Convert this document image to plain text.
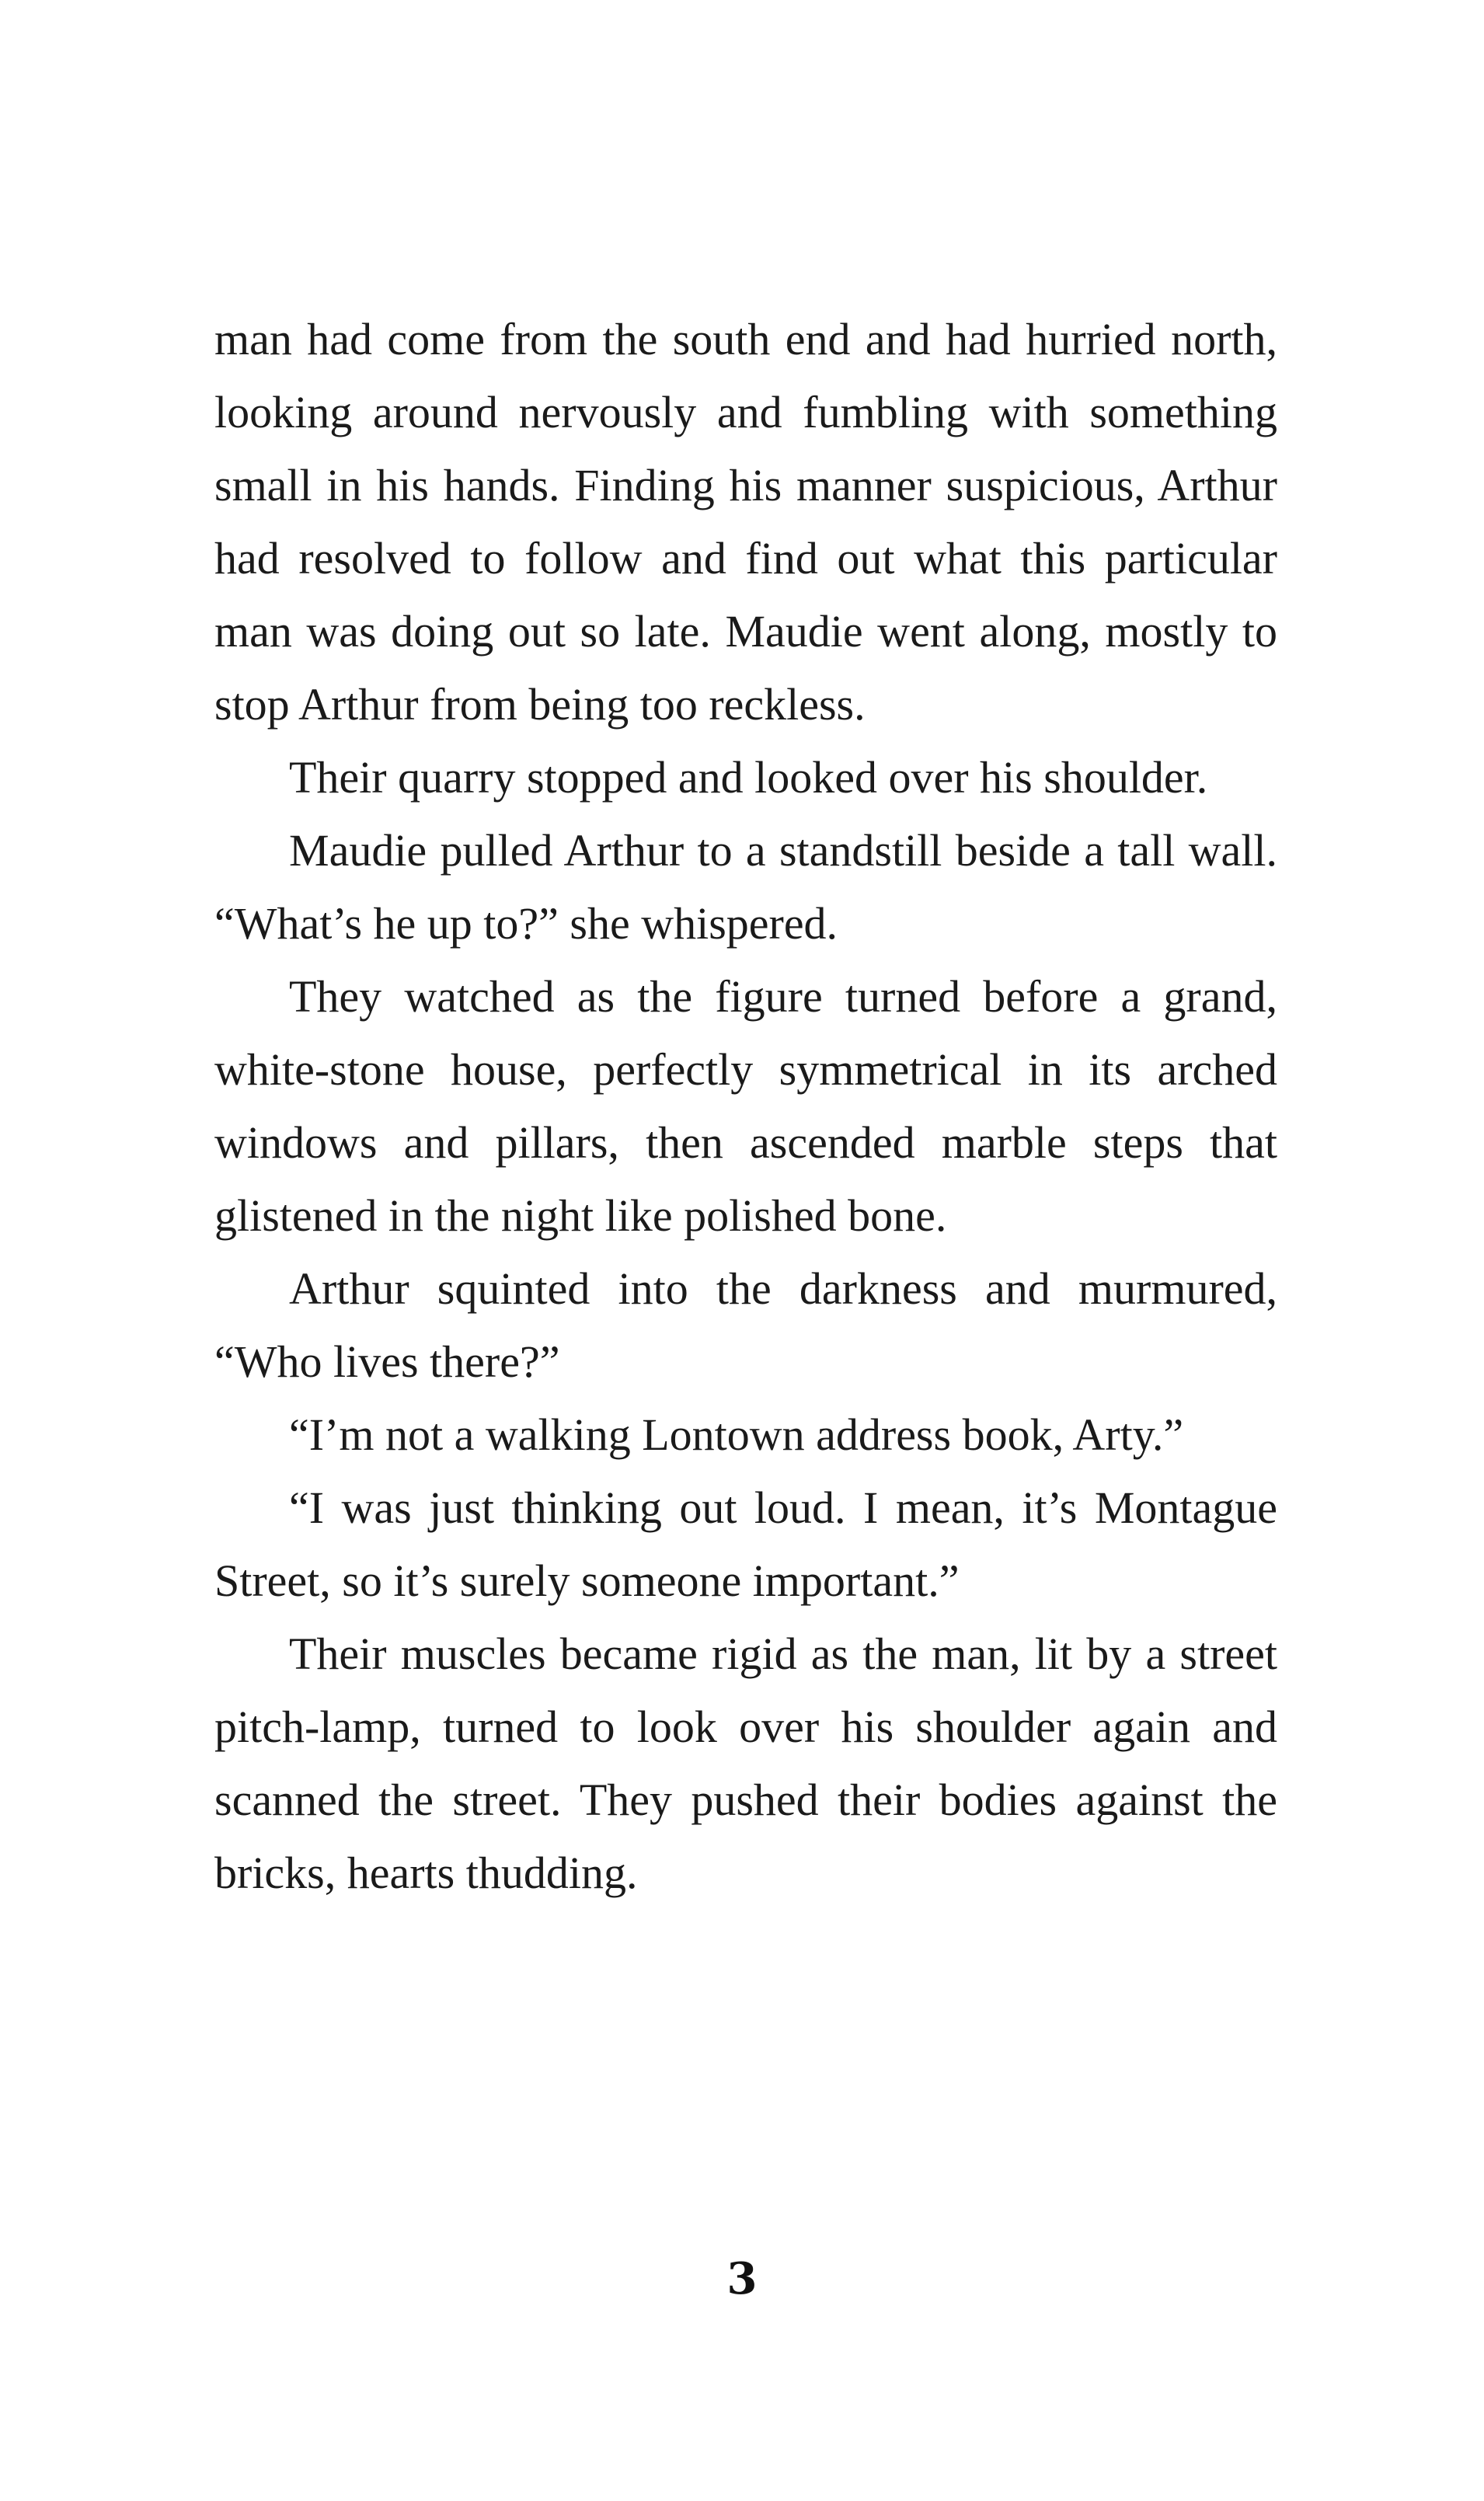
man had come from the south end and had hurried north, looking around nervously and fumbling with something small in his hands. Finding his manner suspicious, Arthur had resolved to follow and find out what this particular man was doing out so late. Maudie went along, mostly to stop Arthur from being too reckless.

Their quarry stopped and looked over his shoulder.

Maudie pulled Arthur to a standstill beside a tall wall. “What’s he up to?” she whispered.

They watched as the figure turned before a grand, white-stone house, perfectly symmetrical in its arched windows and pillars, then ascended marble steps that glistened in the night like polished bone.

Arthur squinted into the darkness and murmured, “Who lives there?”

“I’m not a walking Lontown address book, Arty.”

“I was just thinking out loud. I mean, it’s Montague Street, so it’s surely someone important.”

Their muscles became rigid as the man, lit by a street pitch-lamp, turned to look over his shoulder again and scanned the street. They pushed their bodies against the bricks, hearts thudding.

3
